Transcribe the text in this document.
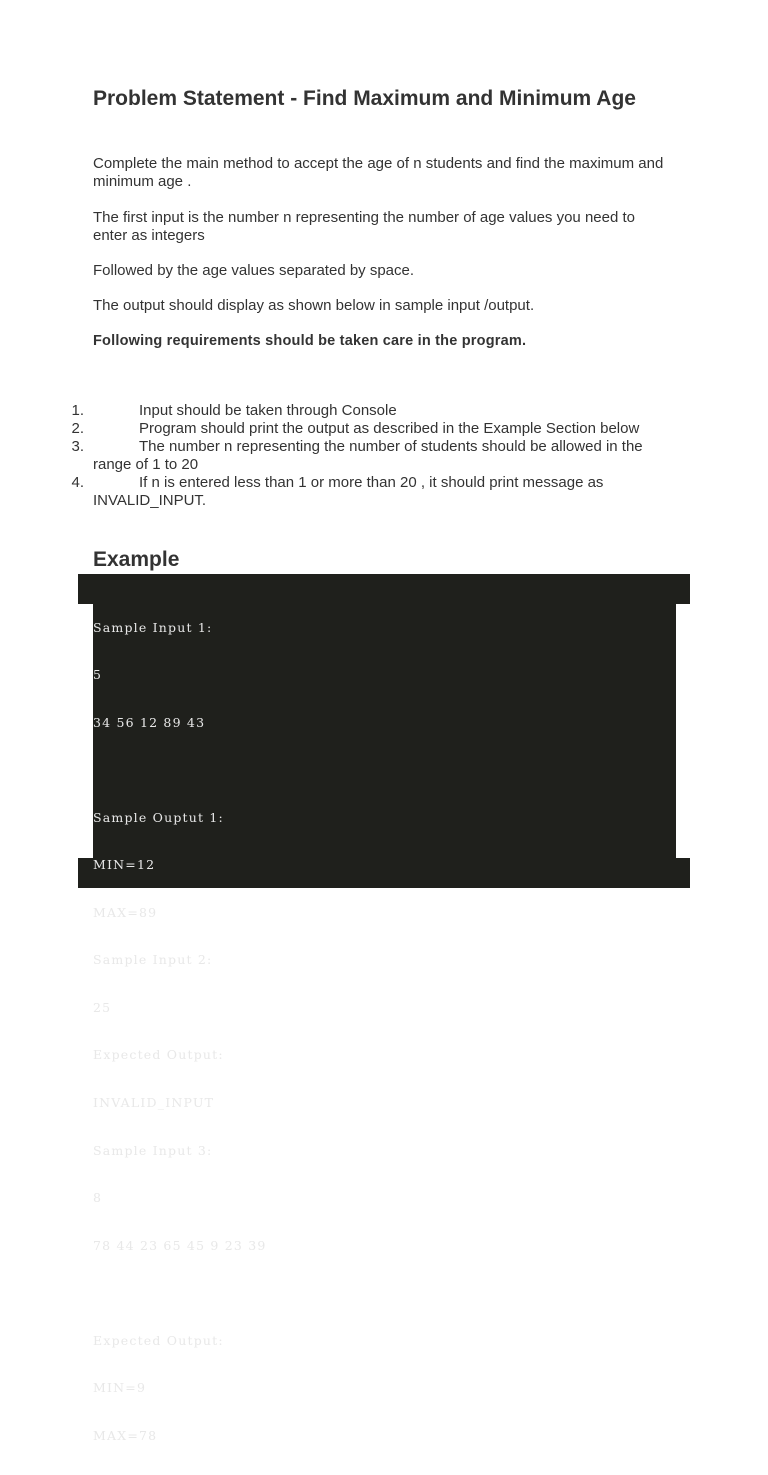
Problem Statement - Find Maximum and Minimum Age

Complete the main method to accept the age of n students and find the maximum and minimum age .

The first input is the number n representing the number of age values you need to enter as integers

Followed by the age values separated by space.

The output should display as shown below in sample input /output.

Following requirements should be taken care in the program.

1.	Input should be taken through Console
2.	Program should print the output as described in the Example Section below
3.	The number n representing the number of students should be allowed in the range of 1 to 20
4.	If n is entered less than 1 or more than 20 , it should print message as INVALID_INPUT.
Example

Sample Input 1:

5

34 56 12 89 43

Sample Ouptut 1:

MIN=12

MAX=89

Sample Input 2:

25

Expected Output:

INVALID_INPUT

Sample Input 3:

8

78 44 23 65 45 9 23 39

Expected Output:

MIN=9

MAX=78
